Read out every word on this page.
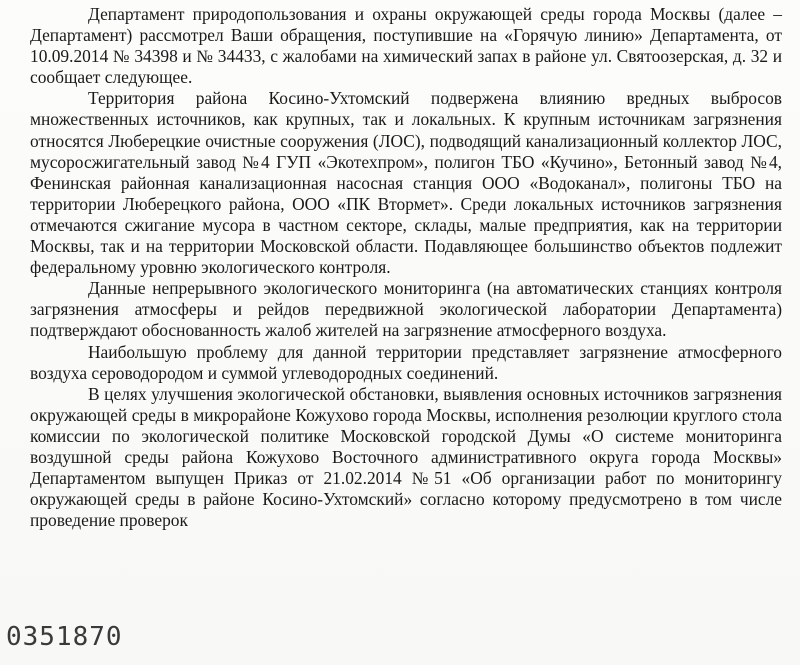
Департамент природопользования и охраны окружающей среды города Москвы (далее – Департамент) рассмотрел Ваши обращения, поступившие на «Горячую линию» Департамента, от 10.09.2014 № 34398 и № 34433, с жалобами на химический запах в районе ул. Святоозерская, д. 32 и сообщает следующее.

Территория района Косино-Ухтомский подвержена влиянию вредных выбросов множественных источников, как крупных, так и локальных. К крупным источникам загрязнения относятся Люберецкие очистные сооружения (ЛОС), подводящий канализационный коллектор ЛОС, мусоросжигательный завод №4 ГУП «Экотехпром», полигон ТБО «Кучино», Бетонный завод №4, Фенинская районная канализационная насосная станция ООО «Водоканал», полигоны ТБО на территории Люберецкого района, ООО «ПК Втормет». Среди локальных источников загрязнения отмечаются сжигание мусора в частном секторе, склады, малые предприятия, как на территории Москвы, так и на территории Московской области. Подавляющее большинство объектов подлежит федеральному уровню экологического контроля.

Данные непрерывного экологического мониторинга (на автоматических станциях контроля загрязнения атмосферы и рейдов передвижной экологической лаборатории Департамента) подтверждают обоснованность жалоб жителей на загрязнение атмосферного воздуха.

Наибольшую проблему для данной территории представляет загрязнение атмосферного воздуха сероводородом и суммой углеводородных соединений.

В целях улучшения экологической обстановки, выявления основных источников загрязнения окружающей среды в микрорайоне Кожухово города Москвы, исполнения резолюции круглого стола комиссии по экологической политике Московской городской Думы «О системе мониторинга воздушной среды района Кожухово Восточного административного округа города Москвы» Департаментом выпущен Приказ от 21.02.2014 №51 «Об организации работ по мониторингу окружающей среды в районе Косино-Ухтомский» согласно которому предусмотрено в том числе проведение проверок

0351870
